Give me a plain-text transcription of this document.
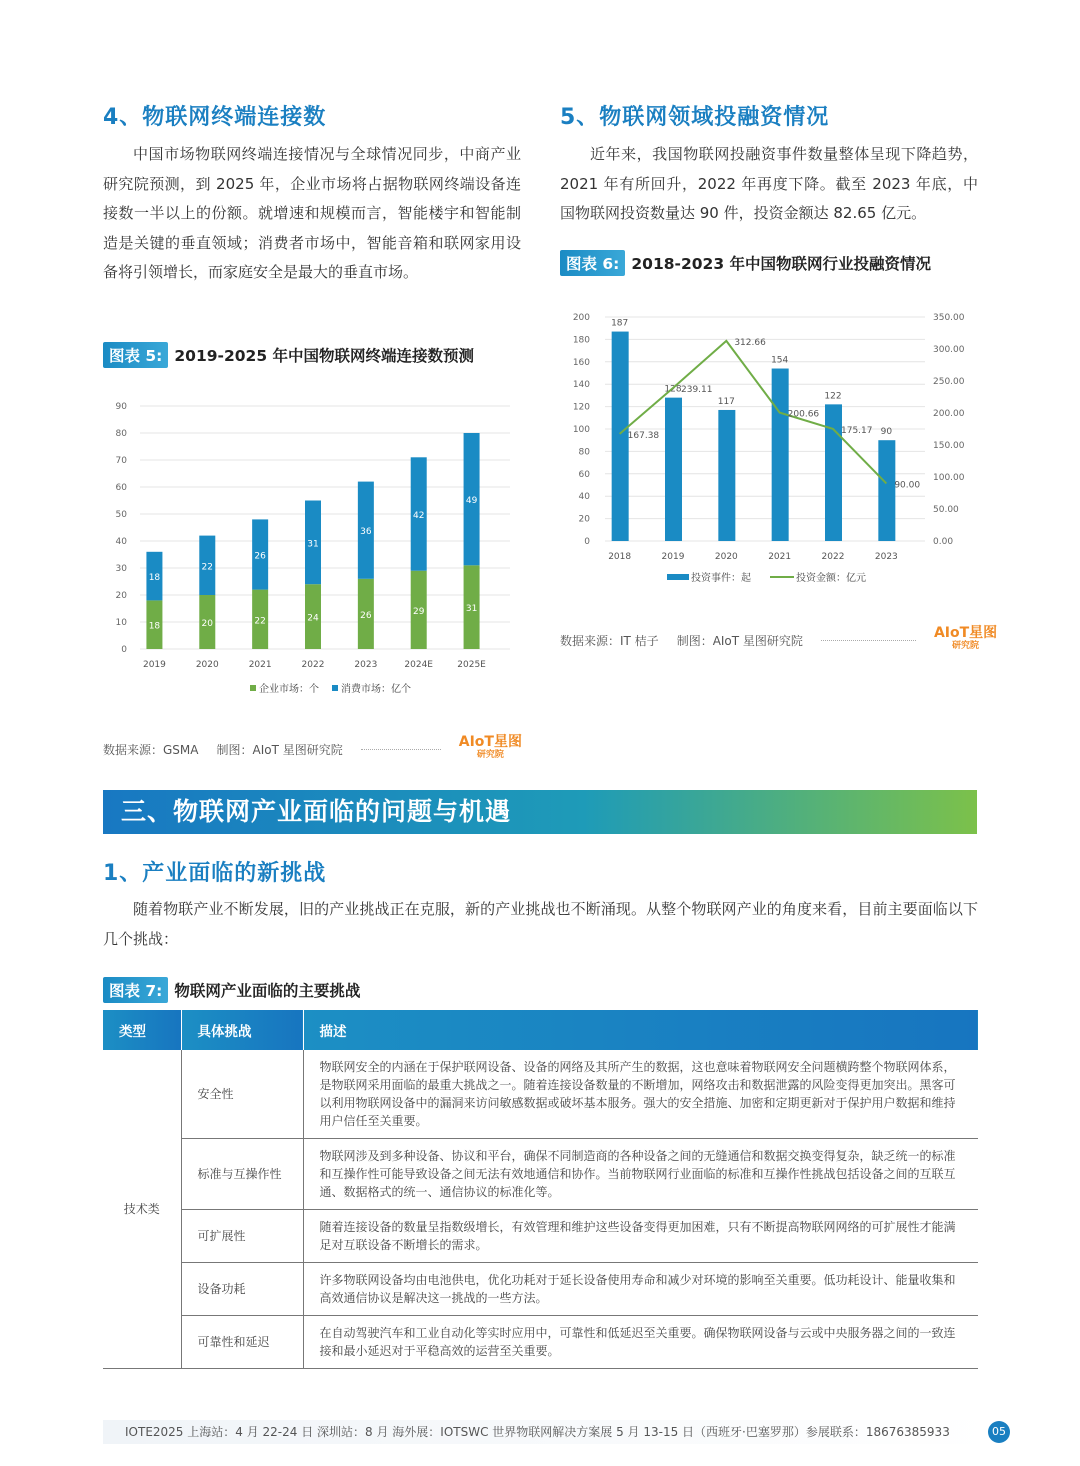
4、物联网终端连接数

中国市场物联网终端连接情况与全球情况同步，中商产业研究院预测，到 2025 年，企业市场将占据物联网终端设备连接数一半以上的份额。就增速和规模而言，智能楼宇和智能制造是关键的垂直领域；消费者市场中，智能音箱和联网家用设备将引领增长，而家庭安全是最大的垂直市场。

图表 5: 2019-2025 年中国物联网终端连接数预测
0
10
20
30
40
50
60
70
80
90
18
18
2019
20
22
2020
22
26
2021
24
31
2022
26
36
2023
29
42
2024E
31
49
2025E
企业市场：个 消费市场：亿个
数据来源：GSMA 制图：AIoT 星图研究院	AIoT星图
研究院
5、物联网领域投融资情况

近年来，我国物联网投融资事件数量整体呈现下降趋势，2021 年有所回升，2022 年再度下降。截至 2023 年底，中国物联网投资数量达 90 件，投资金额达 82.65 亿元。

图表 6: 2018-2023 年中国物联网行业投融资情况
0
20
40
60
80
100
120
140
160
180
200
0.00
50.00
100.00
150.00
200.00
250.00
300.00
350.00
187
2018
128
2019
117
2020
154
2021
122
2022
90
2023
167.38
239.11
312.66
200.66
175.17
90.00
投资事件：起	投资金额：亿元
数据来源：IT 桔子 制图：AIoT 星图研究院	AIoT星图
研究院
三、物联网产业面临的问题与机遇
1、产业面临的新挑战

随着物联产业不断发展，旧的产业挑战正在克服，新的产业挑战也不断涌现。从整个物联网产业的角度来看，目前主要面临以下几个挑战：

图表 7: 物联网产业面临的主要挑战
类型	具体挑战	描述
技术类	安全性	物联网安全的内涵在于保护联网设备、设备的网络及其所产生的数据，这也意味着物联网安全问题横跨整个物联网体系，是物联网采用面临的最重大挑战之一。随着连接设备数量的不断增加，网络攻击和数据泄露的风险变得更加突出。黑客可以利用物联网设备中的漏洞来访问敏感数据或破坏基本服务。强大的安全措施、加密和定期更新对于保护用户数据和维持用户信任至关重要。
	标准与互操作性	物联网涉及到多种设备、协议和平台，确保不同制造商的各种设备之间的无缝通信和数据交换变得复杂，缺乏统一的标准和互操作性可能导致设备之间无法有效地通信和协作。当前物联网行业面临的标准和互操作性挑战包括设备之间的互联互通、数据格式的统一、通信协议的标准化等。
	可扩展性	随着连接设备的数量呈指数级增长，有效管理和维护这些设备变得更加困难，只有不断提高物联网网络的可扩展性才能满足对互联设备不断增长的需求。
	设备功耗	许多物联网设备均由电池供电，优化功耗对于延长设备使用寿命和减少对环境的影响至关重要。低功耗设计、能量收集和高效通信协议是解决这一挑战的一些方法。
	可靠性和延迟	在自动驾驶汽车和工业自动化等实时应用中，可靠性和低延迟至关重要。确保物联网设备与云或中央服务器之间的一致连接和最小延迟对于平稳高效的运营至关重要。
IOTE2025 上海站：4 月 22-24 日 深圳站：8 月 海外展：IOTSWC 世界物联网解决方案展 5 月 13-15 日（西班牙·巴塞罗那）参展联系：18676385933	05
